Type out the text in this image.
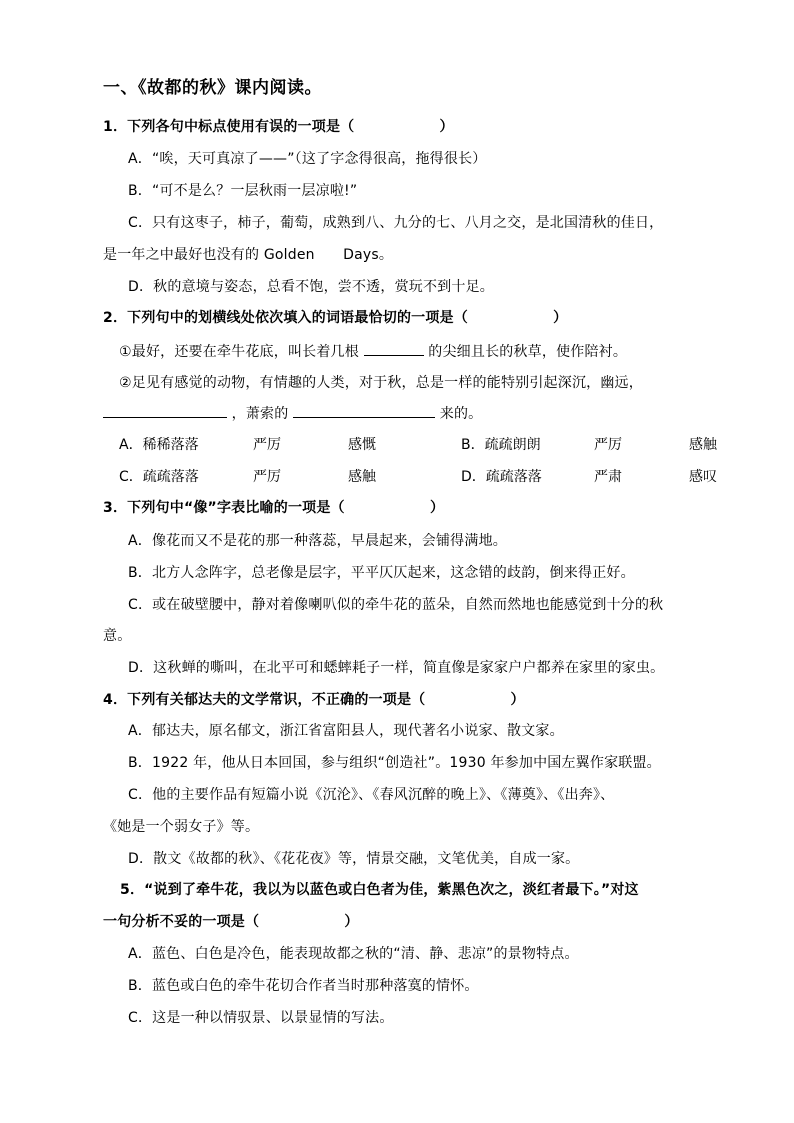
一、《故都的秋》课内阅读。
1．下列各句中标点使用有误的一项是（　　　　　　）
A．“唉，天可真凉了——”（这了字念得很高，拖得很长）
B．“可不是么？一层秋雨一层凉啦!”
C．只有这枣子，柿子，葡萄，成熟到八、九分的七、八月之交，是北国清秋的佳日，
是一年之中最好也没有的 Golden　　Days。
D．秋的意境与姿态，总看不饱，尝不透，赏玩不到十足。
2．下列句中的划横线处依次填入的词语最恰切的一项是（　　　　　　）
①最好，还要在牵牛花底，叫长着几根	的尖细且长的秋草，使作陪衬。
②足见有感觉的动物，有情趣的人类，对于秋，总是一样的能特别引起深沉，幽远，
，萧索的	来的。
A．稀稀落落	严厉	感慨	B．疏疏朗朗	严厉	感触
C．疏疏落落	严厉	感触	D．疏疏落落	严肃	感叹
3．下列句中“像”字表比喻的一项是（　　　　　　）
A．像花而又不是花的那一种落蕊，早晨起来，会铺得满地。
B．北方人念阵字，总老像是层字，平平仄仄起来，这念错的歧韵，倒来得正好。
C．或在破壁腰中，静对着像喇叭似的牵牛花的蓝朵，自然而然地也能感觉到十分的秋
意。
D．这秋蝉的嘶叫，在北平可和蟋蟀耗子一样，简直像是家家户户都养在家里的家虫。
4．下列有关郁达夫的文学常识，不正确的一项是（　　　　　　）
A．郁达夫，原名郁文，浙江省富阳县人，现代著名小说家、散文家。
B．1922 年，他从日本回国，参与组织“创造社”。1930 年参加中国左翼作家联盟。
C．他的主要作品有短篇小说《沉沦》、《春风沉醉的晚上》、《薄奠》、《出奔》、
《她是一个弱女子》等。
D．散文《故都的秋》、《花花夜》等，情景交融，文笔优美，自成一家。
5．“说到了牵牛花，我以为以蓝色或白色者为佳，紫黑色次之，淡红者最下。”对这
一句分析不妥的一项是（　　　　　　）
A．蓝色、白色是冷色，能表现故都之秋的“清、静、悲凉”的景物特点。
B．蓝色或白色的牵牛花切合作者当时那种落寞的情怀。
C．这是一种以情驭景、以景显情的写法。
